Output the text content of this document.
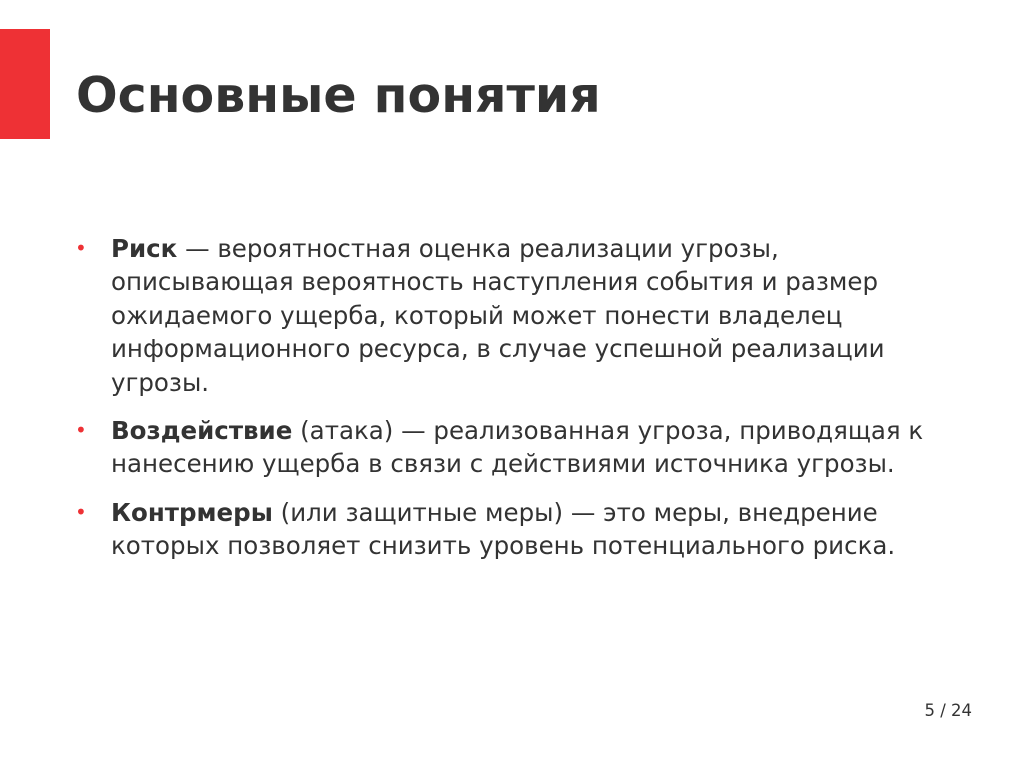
Основные понятия
• Риск — вероятностная оценка реализации угрозы, описывающая вероятность наступления события и размер ожидаемого ущерба, который может понести владелец информационного ресурса, в случае успешной реализации угрозы.
• Воздействие (атака) — реализованная угроза, приводящая к нанесению ущерба в связи с действиями источника угрозы.
• Контрмеры (или защитные меры) — это меры, внедрение которых позволяет снизить уровень потенциального риска.
5 / 24
